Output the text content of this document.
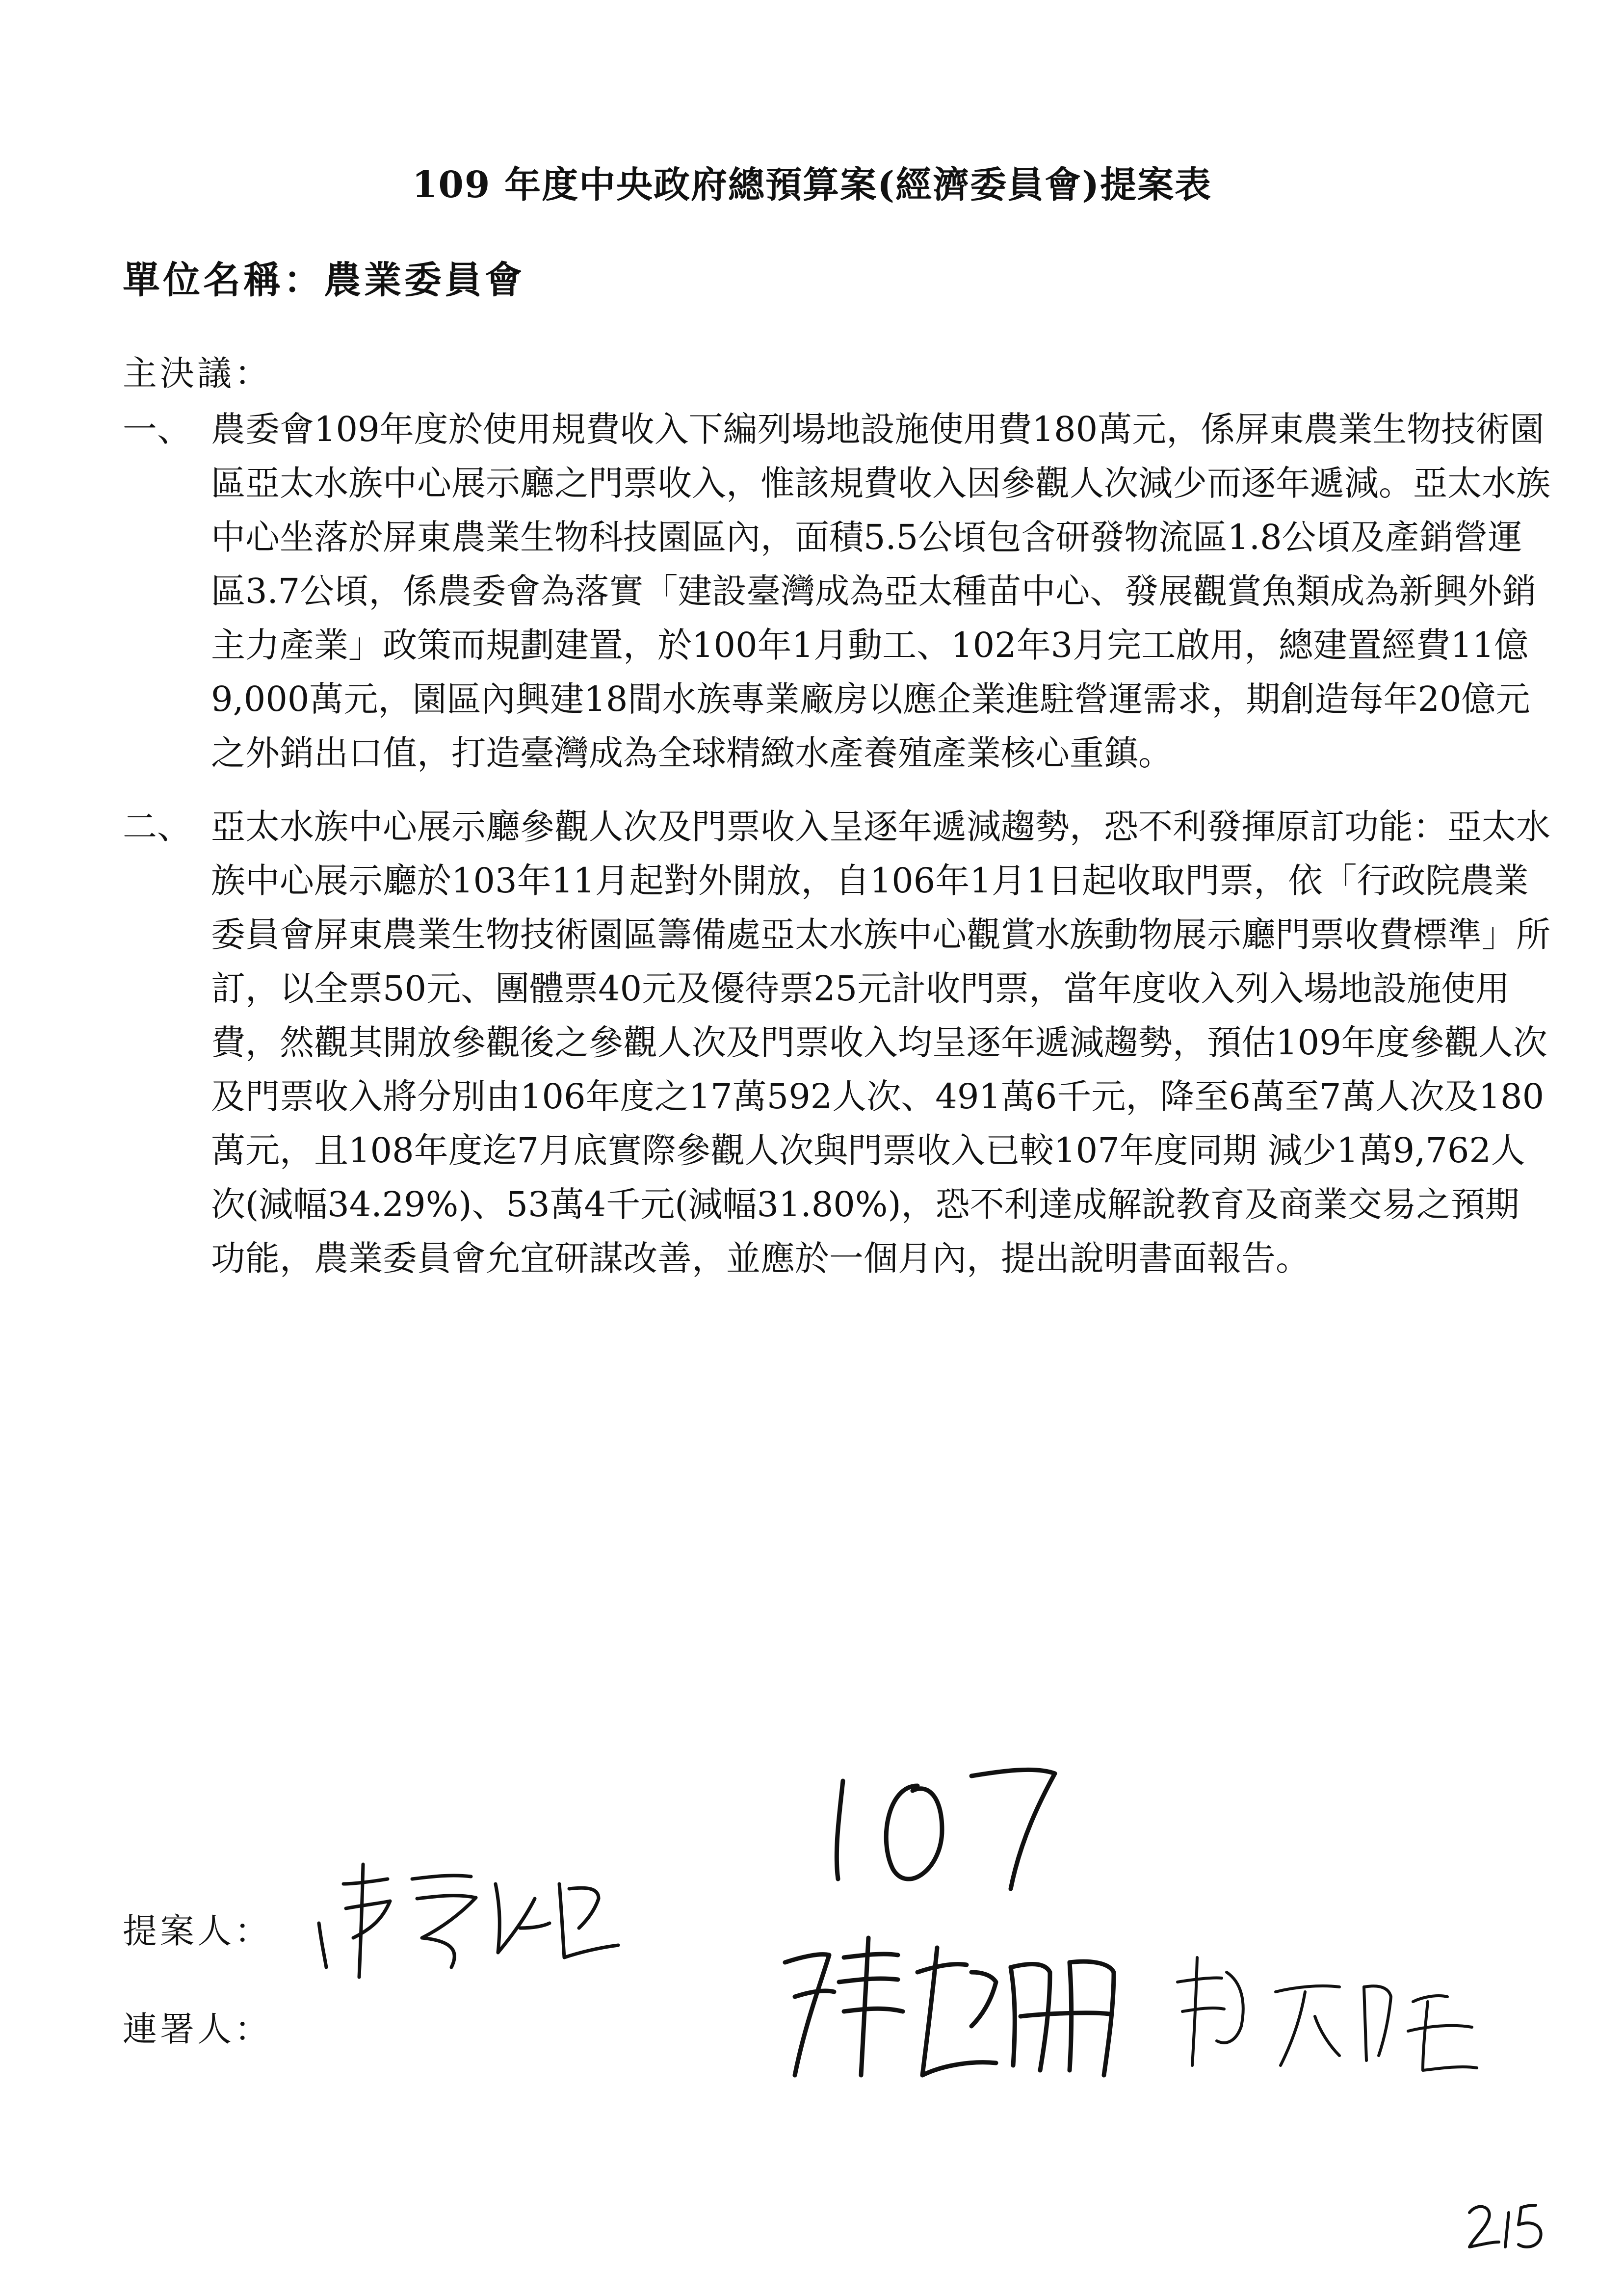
109 年度中央政府總預算案(經濟委員會)提案表
單位名稱：農業委員會
主決議：
一、 農委會109年度於使用規費收入下編列場地設施使用費180萬元，係屏東農業生物技術園區亞太水族中心展示廳之門票收入，惟該規費收入因參觀人次減少而逐年遞減。亞太水族中心坐落於屏東農業生物科技園區內，面積5.5公頃包含研發物流區1.8公頃及產銷營運區3.7公頃，係農委會為落實「建設臺灣成為亞太種苗中心、發展觀賞魚類成為新興外銷主力產業」政策而規劃建置，於100年1月動工、102年3月完工啟用，總建置經費11億9,000萬元，園區內興建18間水族專業廠房以應企業進駐營運需求，期創造每年20億元之外銷出口值，打造臺灣成為全球精緻水產養殖產業核心重鎮。
二、 亞太水族中心展示廳參觀人次及門票收入呈逐年遞減趨勢，恐不利發揮原訂功能：亞太水族中心展示廳於103年11月起對外開放，自106年1月1日起收取門票，依「行政院農業委員會屏東農業生物技術園區籌備處亞太水族中心觀賞水族動物展示廳門票收費標準」所訂，以全票50元、團體票40元及優待票25元計收門票，當年度收入列入場地設施使用費，然觀其開放參觀後之參觀人次及門票收入均呈逐年遞減趨勢，預估109年度參觀人次及門票收入將分別由106年度之17萬592人次、491萬6千元，降至6萬至7萬人次及180萬元，且108年度迄7月底實際參觀人次與門票收入已較107年度同期 減少1萬9,762人次(減幅34.29%)、53萬4千元(減幅31.80%)，恐不利達成解說教育及商業交易之預期功能，農業委員會允宜研謀改善，並應於一個月內，提出說明書面報告。
提案人：
連署人：
